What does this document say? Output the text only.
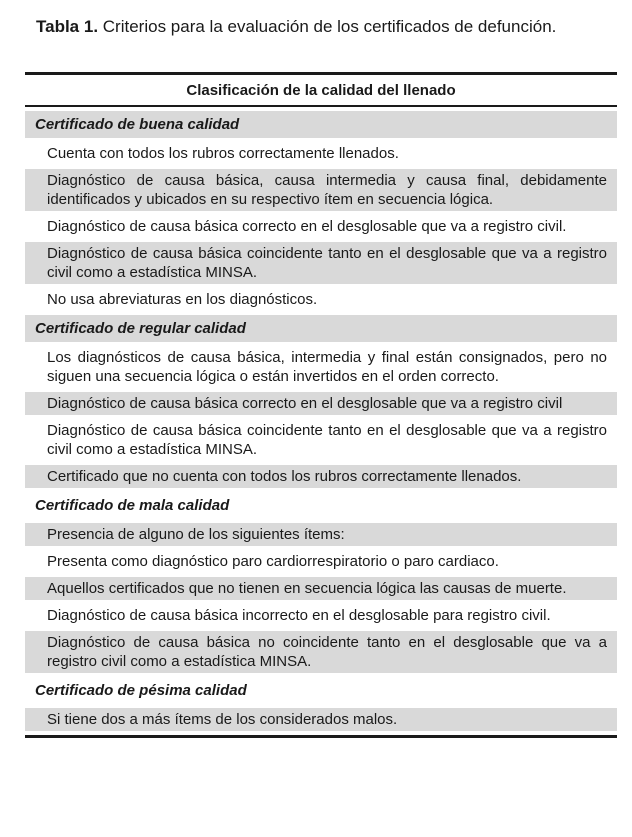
Tabla 1. Criterios para la evaluación de los certificados de defunción.
Clasificación de la calidad del llenado
Certificado de buena calidad
Cuenta con todos los rubros correctamente llenados.
Diagnóstico de causa básica, causa intermedia y causa final, debidamente identificados y ubicados en su respectivo ítem en secuencia lógica.
Diagnóstico de causa básica correcto en el desglosable que va a registro civil.
Diagnóstico de causa básica coincidente tanto en el desglosable que va a registro civil como a estadística MINSA.
No usa abreviaturas en los diagnósticos.
Certificado de regular calidad
Los diagnósticos de causa básica, intermedia y final están consignados, pero no siguen una secuencia lógica o están invertidos en el orden correcto.
Diagnóstico de causa básica correcto en el desglosable que va a registro civil
Diagnóstico de causa básica coincidente tanto en el desglosable que va a registro civil como a estadística MINSA.
Certificado que no cuenta con todos los rubros correctamente llenados.
Certificado de mala calidad
Presencia de alguno de los siguientes ítems:
Presenta como diagnóstico paro cardiorrespiratorio o paro cardiaco.
Aquellos certificados que no tienen en secuencia lógica las causas de muerte.
Diagnóstico de causa básica incorrecto en el desglosable para registro civil.
Diagnóstico de causa básica no coincidente tanto en el desglosable que va a registro civil como a estadística MINSA.
Certificado de pésima calidad
Si tiene dos a más ítems de los considerados malos.
